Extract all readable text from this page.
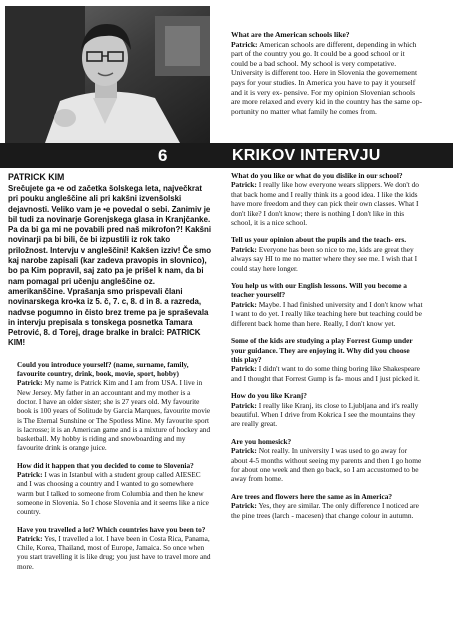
What are the American schools like?

Patrick: American schools are different, depending in which part of the country you go. It could be a good school or it could be a bad school. My school is very competative. University is different too. Here in Slovenia the governement pays for your studies. In America you have to pay it yourself and it is very ex- pensive. For my opinion Slovenian schools are more relaxed and every kid in the country has the same op- portunity no matter what family he comes from.

6	KRIKOV INTERVJU

PATRICK KIM

Srečujete ga •e od začetka šolskega leta, največkrat pri pouku angleščine ali pri kakšni izvenšolski dejavnosti. Veliko vam je •e povedal o sebi. Zanimiv je bil tudi za novinarje Gorenjskega glasa in Kranjčanke. Pa da bi ga mi ne povabili pred naš mikrofon?! Kakšni novinarji pa bi bili, če bi izpustili iz rok tako priložnost. Intervju v angleščini! Kakšen izziv! Če smo kaj narobe zapisali (kar zadeva pravopis in slovnico), bo pa Kim popravil, saj zato pa je prišel k nam, da bi nam pomagal pri učenju angleščine oz. amerikanščine. Vprašanja smo prispevali člani novinarskega kro•ka iz 5. č, 7. c, 8. d in 8. a razreda, nadvse pogumno in čisto brez treme pa je spraševala in intervju prepisala s tonskega posnetka Tamara Petrović, 8. d Torej, drage bralke in bralci: PATRICK KIM!

Could you introduce yourself? (name, surname, family, favourite country, drink, book, movie, sport, hobby)

Patrick: My name is Patrick Kim and I am from USA. I live in New Jersey. My father in an accountant and my mother is a doctor. I have an older sister; she is 27 years old. My favourite book is 100 years of Solitude by Garcia Marques, favourite movie is The Eternal Sunshine or The Spotless Mine. My favourite sport is lacrosse; it is an American game and is a mixture of hockey and basketball. My hobby is riding and snowboarding and my favourite drink is orange juice.

How did it happen that you decided to come to Slovenia?

Patrick: I was in Istanbul with a student group called AIESEC and I was choosing a country and I wanted to go somewhere warm but I talked to someone from Columbia and then he knew someone in Slovenia. So I chose Slovenia and it seems like a nice country.

Have you travelled a lot? Which countries have you been to?

Patrick: Yes, I travelled a lot. I have been in Costa Rica, Panama, Chile, Korea, Thailand, most of Europe, Jamaica. So once when you start travelling it is like drug; you just have to travel more and more.

What do you like or what do you dislike in our school?

Patrick: I really like how everyone wears slippers. We don't do that back home and I really think its a good idea. I like the kids have more freedom and they can pick their own classes. What I don't like? I don't know; there is nothing I don't like in this school, it is a nice school.

Tell us your opinion about the pupils and the teach- ers.

Patrick: Everyone has been so nice to me, kids are great they always say HI to me no matter where they see me. I wish that I could stay here longer.

You help us with our English lessons. Will you become a teacher yourself?

Patrick: Maybe. I had finished university and I don't know what I want to do yet. I really like teaching here but teaching could be different back home than here. Really, I don't know yet.

Some of the kids are studying a play Forrest Gump under your guidance. They are enjoying it. Why did you choose this play?

Patrick: I didn't want to do some thing boring like Shakespeare and I thought that Forrest Gump is fa- mous and I just picked it.

How do you like Kranj?

Patrick: I really like Kranj, its close to Ljubljana and it's really beautiful. When I drive from Kokrica I see the mountains they are really great.

Are you homesick?

Patrick: Not really. In university I was used to go away for about 4-5 months without seeing my parents and then I go home for about one week and then go back, so I am accustomed to be away from home.

Are trees and flowers here the same as in America?

Patrick: Yes, they are similar. The only difference I noticed are the pine trees (larch - macesen) that change colour in autumn.
